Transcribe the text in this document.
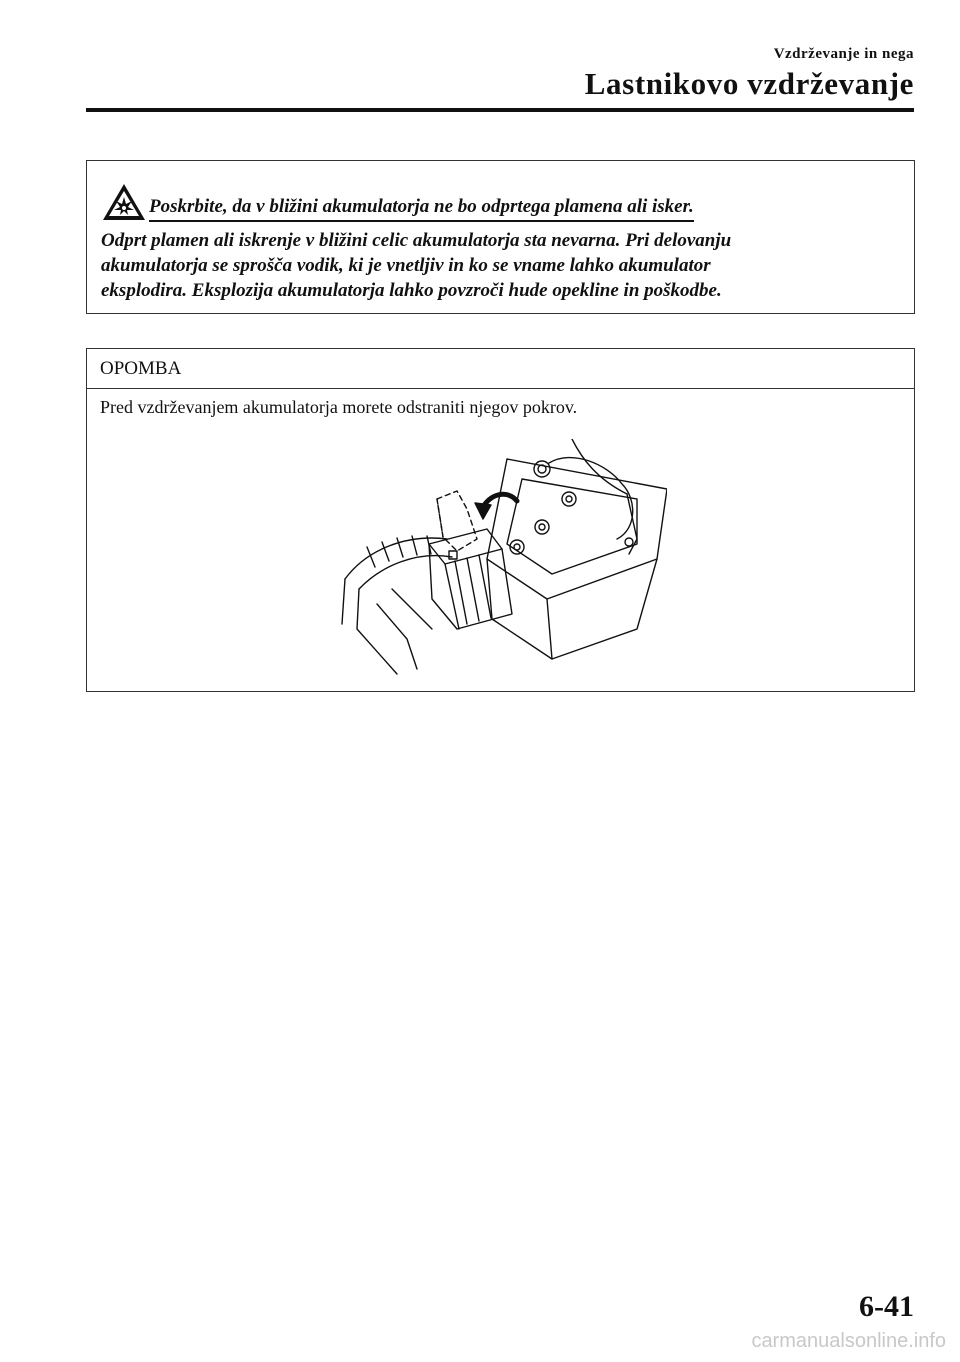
Vzdrževanje in nega
Lastnikovo vzdrževanje
Poskrbite, da v bližini akumulatorja ne bo odprtega plamena ali isker.
Odprt plamen ali iskrenje v bližini celic akumulatorja sta nevarna. Pri delovanju
akumulatorja se sprošča vodik, ki je vnetljiv in ko se vname lahko akumulator
eksplodira. Eksplozija akumulatorja lahko povzroči hude opekline in poškodbe.
OPOMBA
Pred vzdrževanjem akumulatorja morete odstraniti njegov pokrov.
6-41
carmanualsonline.info
